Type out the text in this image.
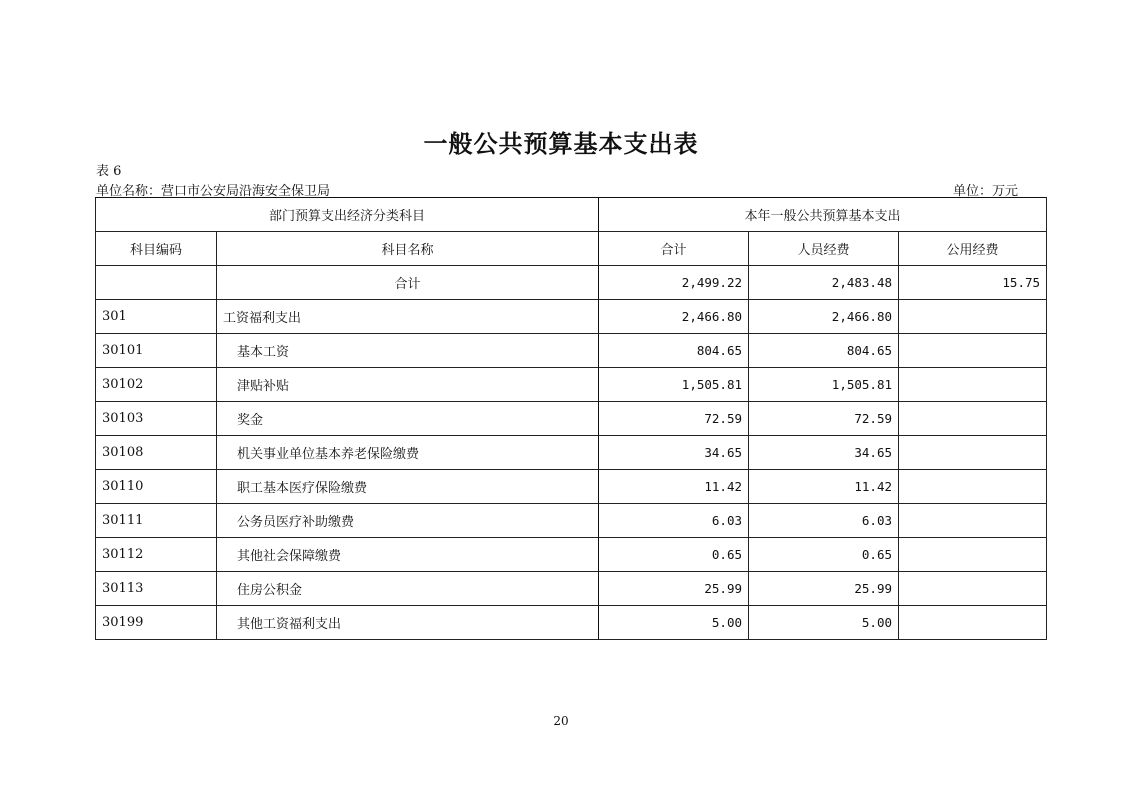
一般公共预算基本支出表
表 6
单位名称：营口市公安局沿海安全保卫局	单位：万元
部门预算支出经济分类科目		本年一般公共预算基本支出		
科目编码	科目名称	合计	人员经费	公用经费
	合计	2,499.22	2,483.48	15.75
301	工资福利支出	2,466.80	2,466.80	
30101	基本工资	804.65	804.65	
30102	津贴补贴	1,505.81	1,505.81	
30103	奖金	72.59	72.59	
30108	机关事业单位基本养老保险缴费	34.65	34.65	
30110	职工基本医疗保险缴费	11.42	11.42	
30111	公务员医疗补助缴费	6.03	6.03	
30112	其他社会保障缴费	0.65	0.65	
30113	住房公积金	25.99	25.99	
30199	其他工资福利支出	5.00	5.00	
20
